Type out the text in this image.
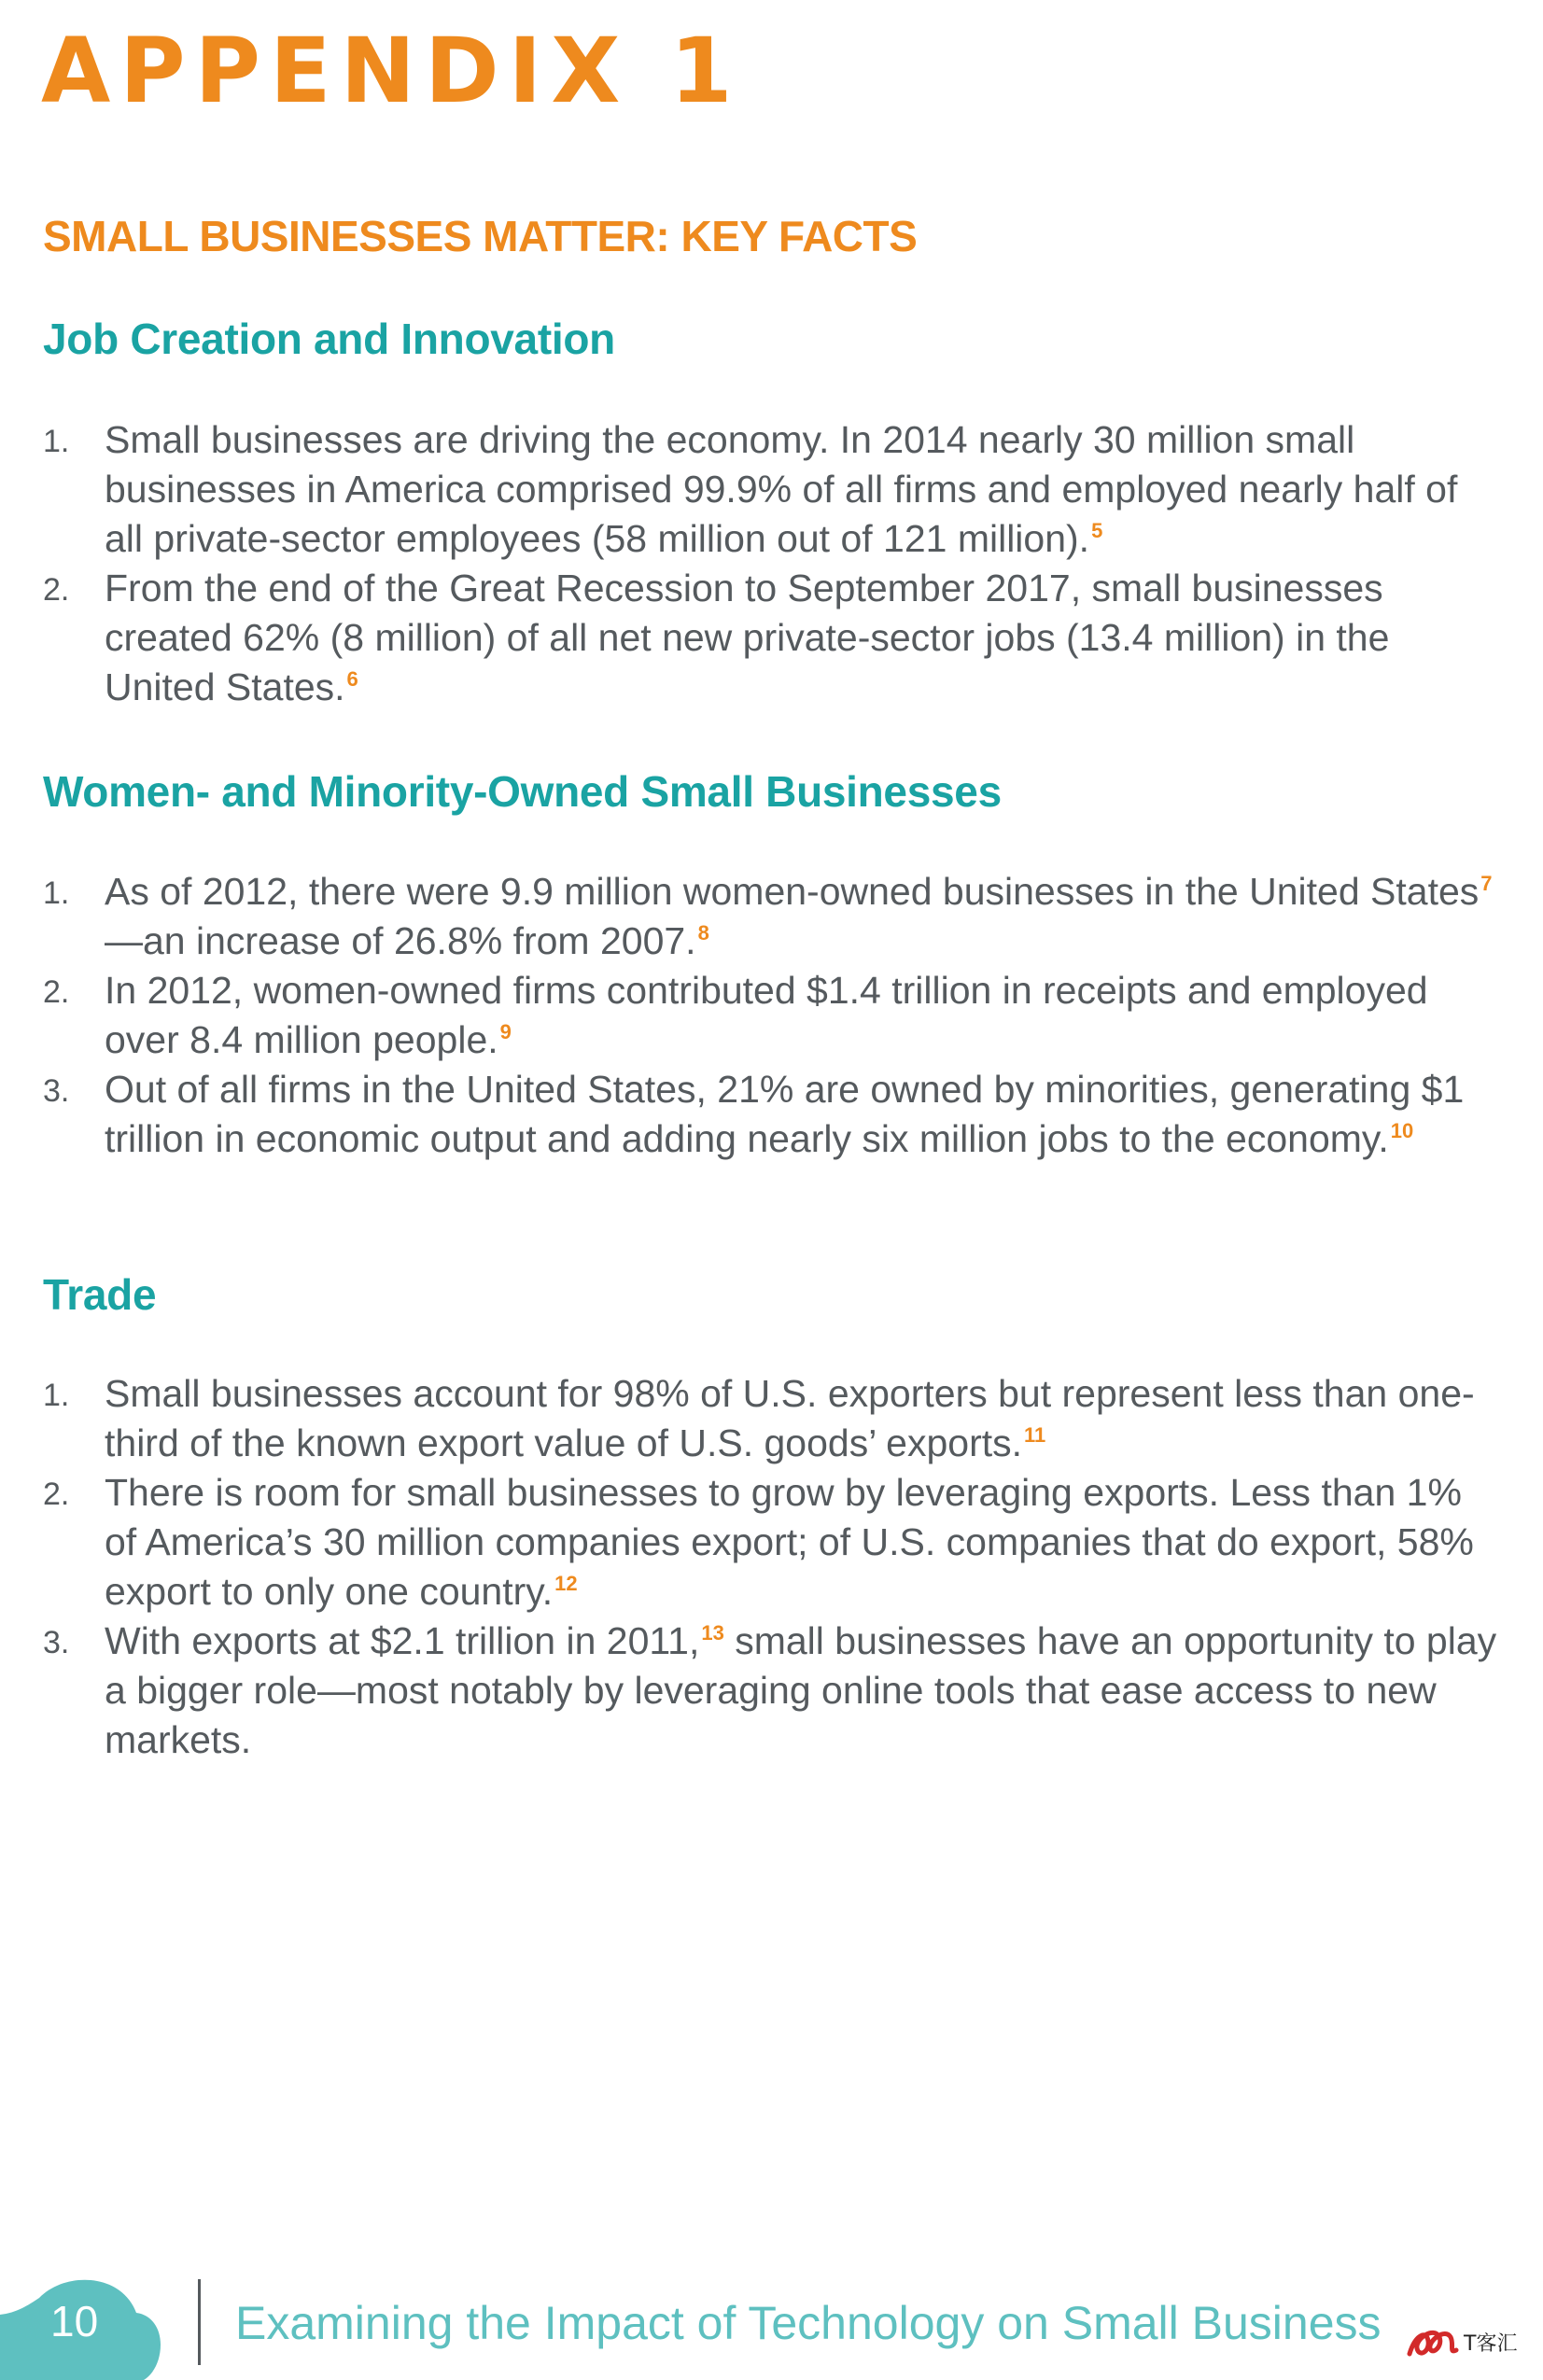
APPENDIX 1
SMALL BUSINESSES MATTER: KEY FACTS
Job Creation and Innovation
1. Small businesses are driving the economy. In 2014 nearly 30 million small businesses in America comprised 99.9% of all firms and employed nearly half of all private-sector employees (58 million out of 121 million).$^5$
2. From the end of the Great Recession to September 2017, small businesses created 62% (8 million) of all net new private-sector jobs (13.4 million) in the United States.$^6$
Women- and Minority-Owned Small Businesses
1. As of 2012, there were 9.9 million women-owned businesses in the United States$^7$—an increase of 26.8% from 2007.$^8$
2. In 2012, women-owned firms contributed $1.4 trillion in receipts and employed over 8.4 million people.$^9$
3. Out of all firms in the United States, 21% are owned by minorities, generating $1 trillion in economic output and adding nearly six million jobs to the economy.$^{10}$
Trade
1. Small businesses account for 98% of U.S. exporters but represent less than one-third of the known export value of U.S. goods’ exports.$^{11}$
2. There is room for small businesses to grow by leveraging exports. Less than 1% of America’s 30 million companies export; of U.S. companies that do export, 58% export to only one country.$^{12}$
3. With exports at $2.1 trillion in 2011,13 small businesses have an opportunity to play a bigger role—most notably by leveraging online tools that ease access to new markets.
10	Examining the Impact of Technology on Small Business	T客汇
